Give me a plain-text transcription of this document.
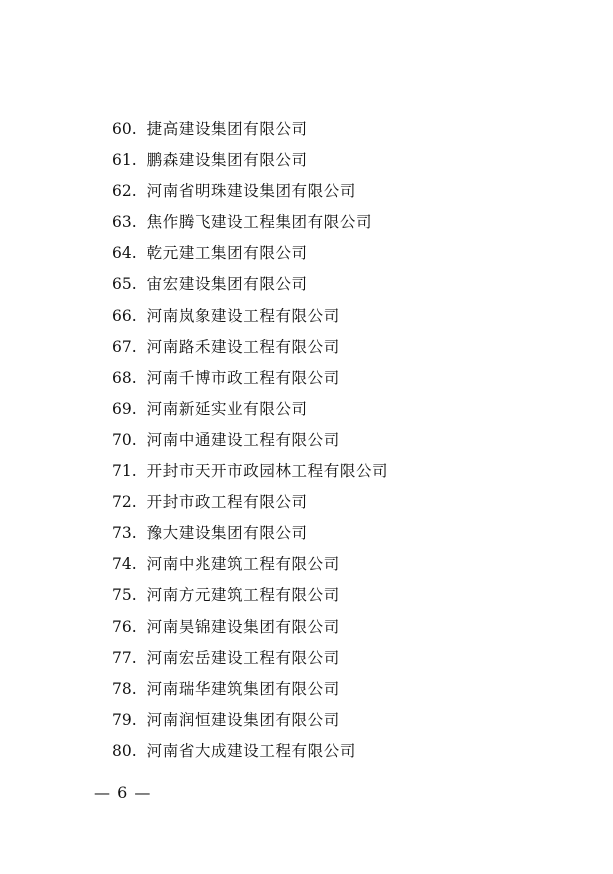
60. 捷高建设集团有限公司
61. 鹏森建设集团有限公司
62. 河南省明珠建设集团有限公司
63. 焦作腾飞建设工程集团有限公司
64. 乾元建工集团有限公司
65. 宙宏建设集团有限公司
66. 河南岚象建设工程有限公司
67. 河南路禾建设工程有限公司
68. 河南千博市政工程有限公司
69. 河南新延实业有限公司
70. 河南中通建设工程有限公司
71. 开封市天开市政园林工程有限公司
72. 开封市政工程有限公司
73. 豫大建设集团有限公司
74. 河南中兆建筑工程有限公司
75. 河南方元建筑工程有限公司
76. 河南昊锦建设集团有限公司
77. 河南宏岳建设工程有限公司
78. 河南瑞华建筑集团有限公司
79. 河南润恒建设集团有限公司
80. 河南省大成建设工程有限公司
— 6 —
